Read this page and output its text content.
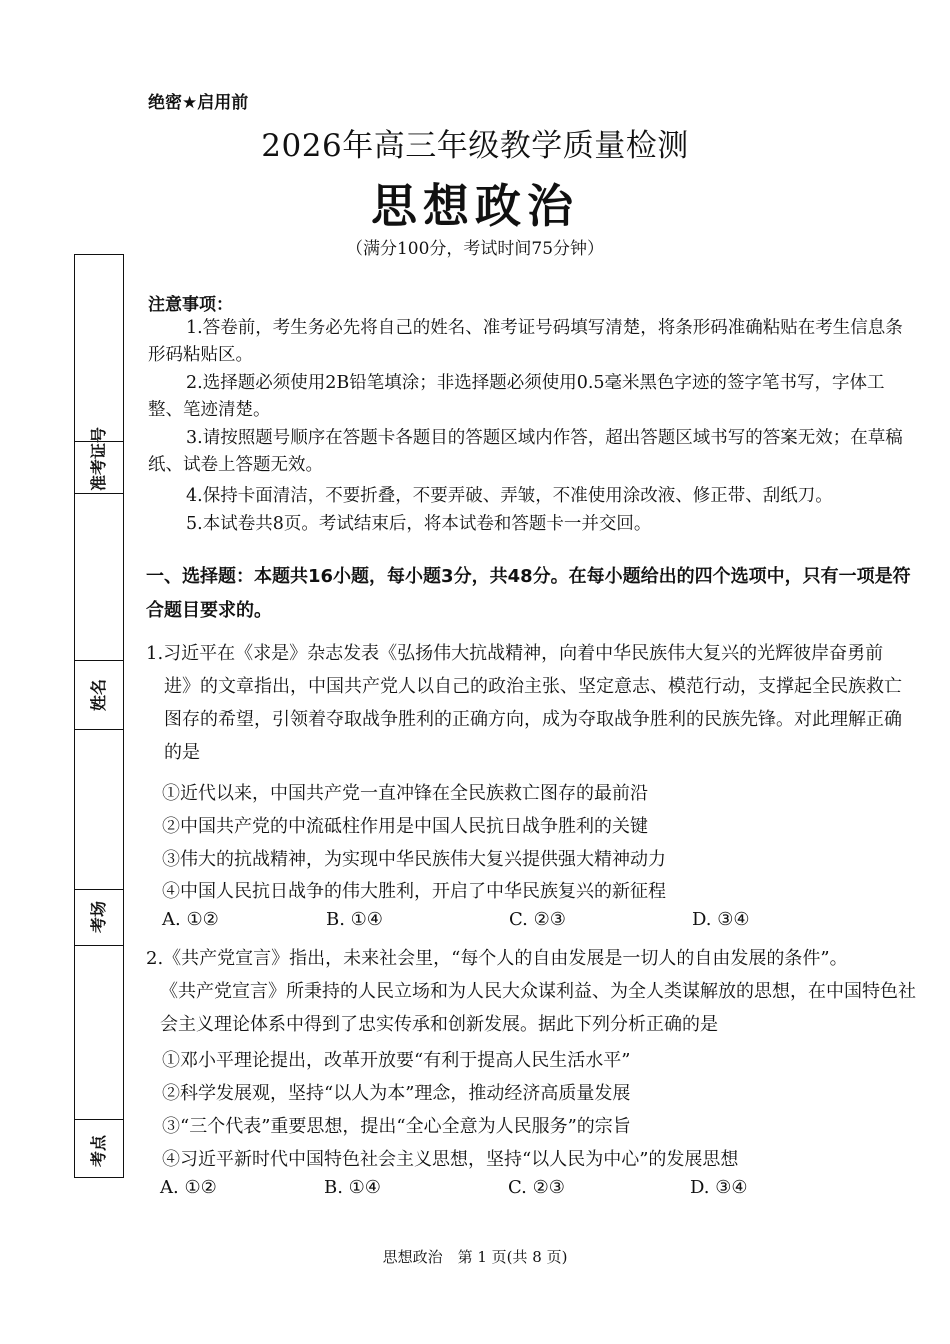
绝密★启用前
2026年高三年级教学质量检测
思想政治
（满分100分，考试时间75分钟）
准考证号
姓名
考场
考点
注意事项：
1.答卷前，考生务必先将自己的姓名、准考证号码填写清楚，将条形码准确粘贴在考生信息条形码粘贴区。
2.选择题必须使用2B铅笔填涂；非选择题必须使用0.5毫米黑色字迹的签字笔书写，字体工整、笔迹清楚。
3.请按照题号顺序在答题卡各题目的答题区域内作答，超出答题区域书写的答案无效；在草稿纸、试卷上答题无效。
4.保持卡面清洁，不要折叠，不要弄破、弄皱，不准使用涂改液、修正带、刮纸刀。
5.本试卷共8页。考试结束后，将本试卷和答题卡一并交回。
一、选择题：本题共16小题，每小题3分，共48分。在每小题给出的四个选项中，只有一项是符合题目要求的。
1.习近平在《求是》杂志发表《弘扬伟大抗战精神，向着中华民族伟大复兴的光辉彼岸奋勇前进》的文章指出，中国共产党人以自己的政治主张、坚定意志、模范行动，支撑起全民族救亡图存的希望，引领着夺取战争胜利的正确方向，成为夺取战争胜利的民族先锋。对此理解正确的是
①近代以来，中国共产党一直冲锋在全民族救亡图存的最前沿
②中国共产党的中流砥柱作用是中国人民抗日战争胜利的关键
③伟大的抗战精神，为实现中华民族伟大复兴提供强大精神动力
④中国人民抗日战争的伟大胜利，开启了中华民族复兴的新征程
A. ①②	B. ①④	C. ②③	D. ③④
2.《共产党宣言》指出，未来社会里，“每个人的自由发展是一切人的自由发展的条件”。
《共产党宣言》所秉持的人民立场和为人民大众谋利益、为全人类谋解放的思想，在中国特色社会主义理论体系中得到了忠实传承和创新发展。据此下列分析正确的是
①邓小平理论提出，改革开放要“有利于提高人民生活水平”
②科学发展观，坚持“以人为本”理念，推动经济高质量发展
③“三个代表”重要思想，提出“全心全意为人民服务”的宗旨
④习近平新时代中国特色社会主义思想，坚持“以人民为中心”的发展思想
A. ①②	B. ①④	C. ②③	D. ③④
思想政治　第 1 页(共 8 页)
